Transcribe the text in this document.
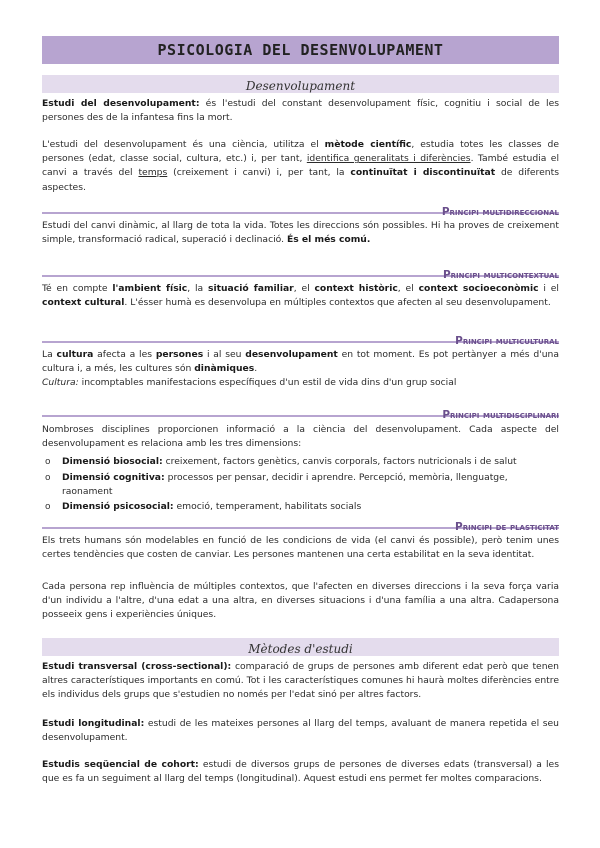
PSICOLOGIA DEL DESENVOLUPAMENT
Desenvolupament
Estudi del desenvolupament: és l'estudi del constant desenvolupament físic, cognitiu i social de les persones des de la infantesa fins la mort.
L'estudi del desenvolupament és una ciència, utilitza el mètode científic, estudia totes les classes de persones (edat, classe social, cultura, etc.) i, per tant, identifica generalitats i diferències. També estudia el canvi a través del temps (creixement i canvi) i, per tant, la continuïtat i discontinuïtat de diferents aspectes.
Principi multidireccional
Estudi del canvi dinàmic, al llarg de tota la vida. Totes les direccions són possibles. Hi ha proves de creixement simple, transformació radical, superació i declinació. És el més comú.
Principi multicontextual
Té en compte l'ambient físic, la situació familiar, el context històric, el context socioeconòmic i el context cultural. L'ésser humà es desenvolupa en múltiples contextos que afecten al seu desenvolupament.
Principi multicultural
La cultura afecta a les persones i al seu desenvolupament en tot moment. Es pot pertànyer a més d'una cultura i, a més, les cultures són dinàmiques.
Cultura: incomptables manifestacions específiques d'un estil de vida dins d'un grup social
Principi multidisciplinari
Nombroses disciplines proporcionen informació a la ciència del desenvolupament. Cada aspecte del desenvolupament es relaciona amb les tres dimensions:
o Dimensió biosocial: creixement, factors genètics, canvis corporals, factors nutricionals i de salut
o Dimensió cognitiva: processos per pensar, decidir i aprendre. Percepció, memòria, llenguatge, raonament
o Dimensió psicosocial: emoció, temperament, habilitats socials
Principi de plasticitat
Els trets humans són modelables en funció de les condicions de vida (el canvi és possible), però tenim unes certes tendències que costen de canviar. Les persones mantenen una certa estabilitat en la seva identitat.
Cada persona rep influència de múltiples contextos, que l'afecten en diverses direccions i la seva força varia d'un individu a l'altre, d'una edat a una altra, en diverses situacions i d'una família a una altra. Cadapersona posseeix gens i experiències úniques.
Mètodes d'estudi
Estudi transversal (cross-sectional): comparació de grups de persones amb diferent edat però que tenen altres característiques importants en comú. Tot i les característiques comunes hi haurà moltes diferències entre els individus dels grups que s'estudien no només per l'edat sinó per altres factors.
Estudi longitudinal: estudi de les mateixes persones al llarg del temps, avaluant de manera repetida el seu desenvolupament.
Estudis seqüencial de cohort: estudi de diversos grups de persones de diverses edats (transversal) a les que es fa un seguiment al llarg del temps (longitudinal). Aquest estudi ens permet fer moltes comparacions.
